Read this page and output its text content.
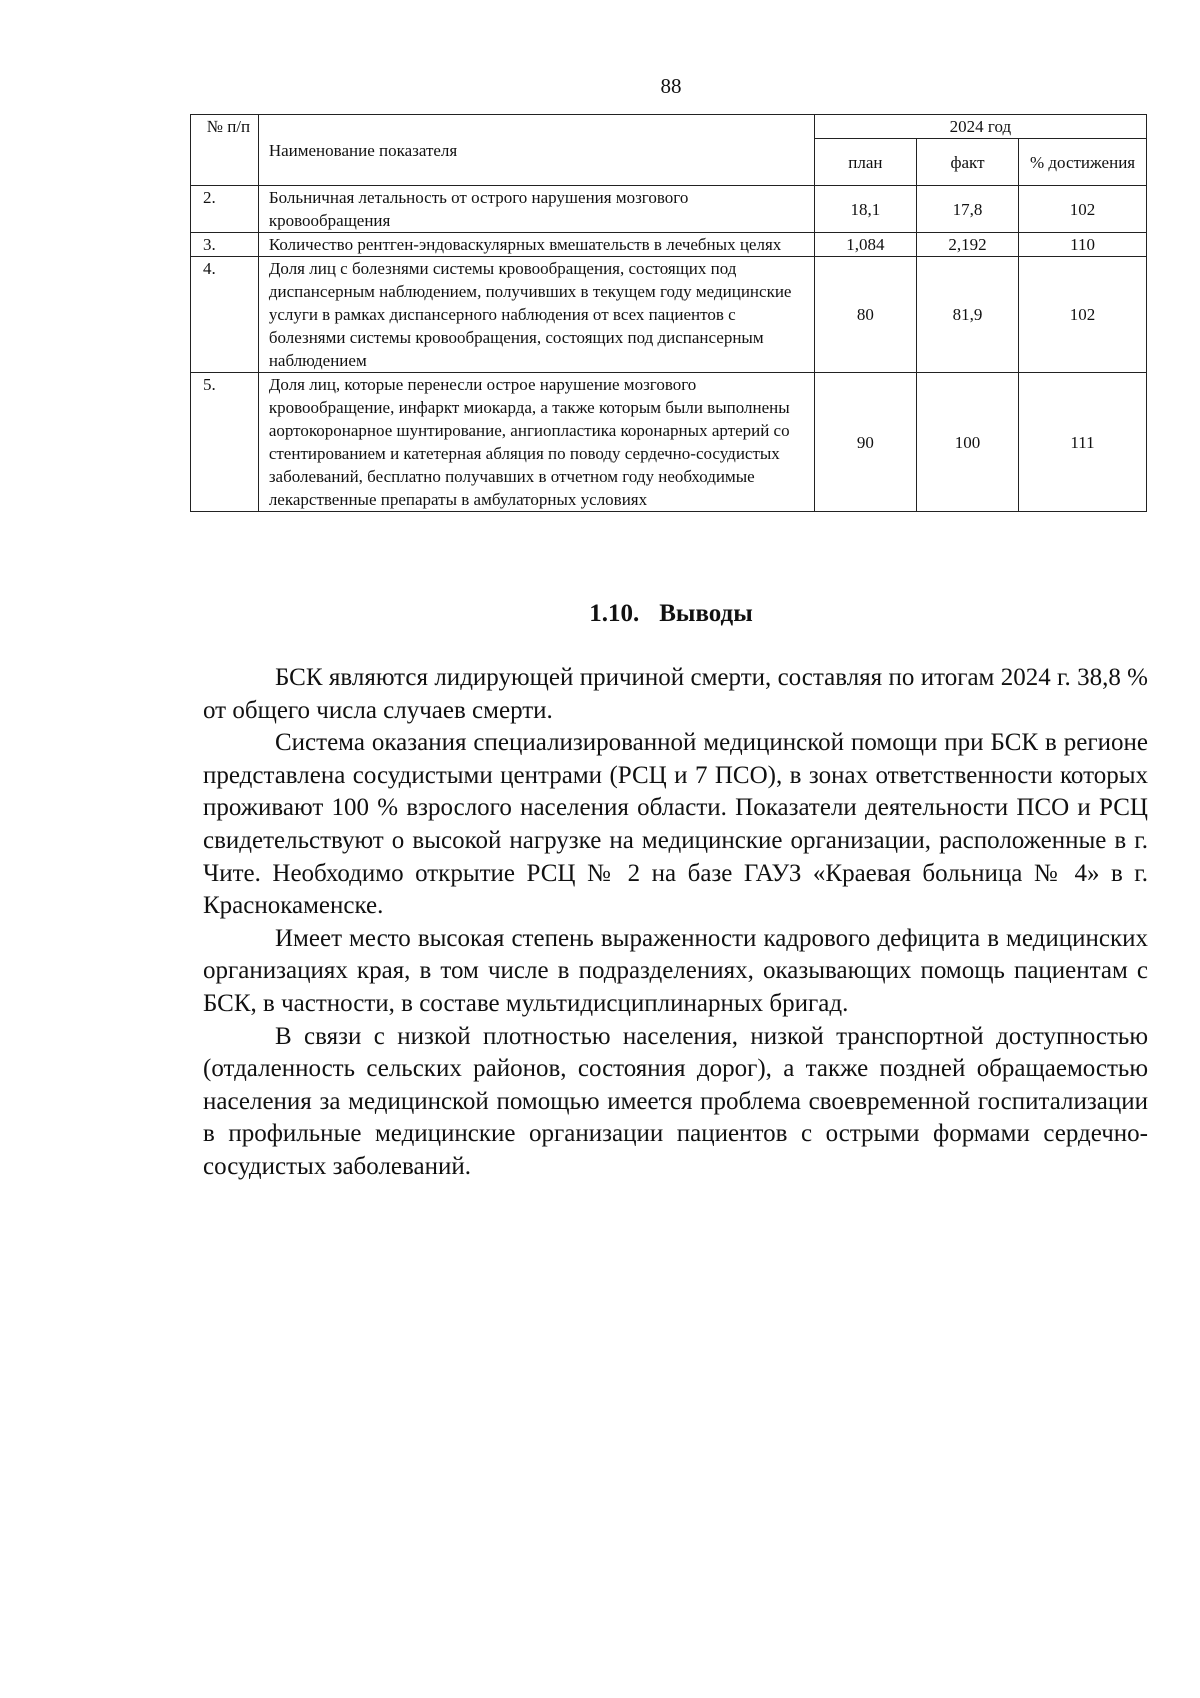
88
№ п/п	Наименование показателя	2024 год		
		план	факт	% достижения
2.	Больничная летальность от острого нарушения мозгового кровообращения	18,1	17,8	102
3.	Количество рентген-эндоваскулярных вмешательств в лечебных целях	1,084	2,192	110
4.	Доля лиц с болезнями системы кровообращения, состоящих под диспансерным наблюдением, получивших в текущем году медицинские услуги в рамках диспансерного наблюдения от всех пациентов с болезнями системы кровообращения, состоящих под диспансерным наблюдением	80	81,9	102
5.	Доля лиц, которые перенесли острое нарушение мозгового кровообращение, инфаркт миокарда, а также которым были выполнены аортокоронарное шунтирование, ангиопластика коронарных артерий со стентированием и катетерная абляция по поводу сердечно-сосудистых заболеваний, бесплатно получавших в отчетном году необходимые лекарственные препараты в амбулаторных условиях	90	100	111
1.10. Выводы

БСК являются лидирующей причиной смерти, составляя по итогам 2024 г. 38,8 % от общего числа случаев смерти.

Система оказания специализированной медицинской помощи при БСК в регионе представлена сосудистыми центрами (РСЦ и 7 ПСО), в зонах ответственности которых проживают 100 % взрослого населения области. Показатели деятельности ПСО и РСЦ свидетельствуют о высокой нагрузке на медицинские организации, расположенные в г. Чите. Необходимо открытие РСЦ № 2 на базе ГАУЗ «Краевая больница № 4» в г. Краснокаменске.

Имеет место высокая степень выраженности кадрового дефицита в медицинских организациях края, в том числе в подразделениях, оказывающих помощь пациентам с БСК, в частности, в составе мультидисциплинарных бригад.

В связи с низкой плотностью населения, низкой транспортной доступностью (отдаленность сельских районов, состояния дорог), а также поздней обращаемостью населения за медицинской помощью имеется проблема своевременной госпитализации в профильные медицинские организации пациентов с острыми формами сердечно-сосудистых заболеваний.
